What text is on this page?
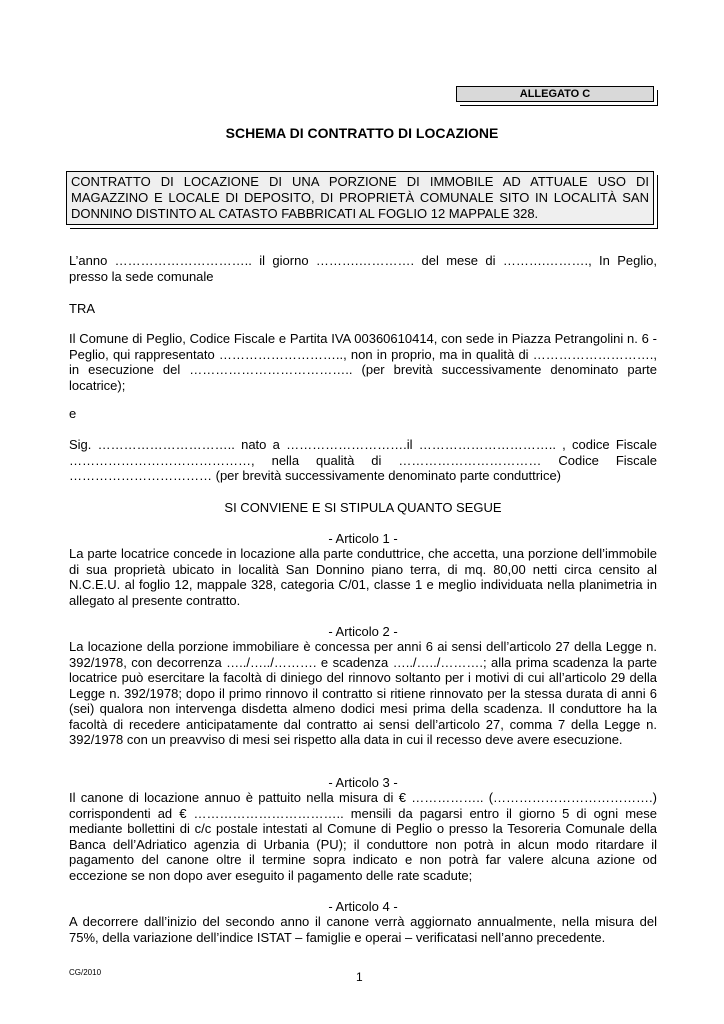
ALLEGATO C
SCHEMA DI CONTRATTO DI LOCAZIONE
CONTRATTO DI LOCAZIONE DI UNA PORZIONE DI IMMOBILE AD ATTUALE USO DI MAGAZZINO E LOCALE DI DEPOSITO, DI PROPRIETÀ COMUNALE SITO IN LOCALITÀ SAN DONNINO DISTINTO AL CATASTO FABBRICATI AL FOGLIO 12 MAPPALE 328.
L’anno ………………………….. il giorno ……….…………. del mese di ……….………., In Peglio, presso la sede comunale
TRA
Il Comune di Peglio, Codice Fiscale e Partita IVA 00360610414, con sede in Piazza Petrangolini n. 6 - Peglio, qui rappresentato ……………………….., non in proprio, ma in qualità di ………………………., in esecuzione del ……………………………….. (per brevità successivamente denominato parte locatrice);
e
Sig. ………………………….. nato a ……………………….il ………………………….. , codice Fiscale ……………………………………, nella qualità di …………………………… Codice Fiscale …………………………… (per brevità successivamente denominato parte conduttrice)
SI CONVIENE E SI STIPULA QUANTO SEGUE
- Articolo 1 -
La parte locatrice concede in locazione alla parte conduttrice, che accetta, una porzione dell’immobile di sua proprietà ubicato in località San Donnino piano terra, di mq. 80,00 netti circa censito al N.C.E.U. al foglio 12, mappale 328, categoria C/01, classe 1 e meglio individuata nella planimetria in allegato al presente contratto.
- Articolo 2 -
La locazione della porzione immobiliare è concessa per anni 6 ai sensi dell’articolo 27 della Legge n. 392/1978, con decorrenza …../…../………. e scadenza …../…../……….; alla prima scadenza la parte locatrice può esercitare la facoltà di diniego del rinnovo soltanto per i motivi di cui all’articolo 29 della Legge n. 392/1978; dopo il primo rinnovo il contratto si ritiene rinnovato per la stessa durata di anni 6 (sei) qualora non intervenga disdetta almeno dodici mesi prima della scadenza. Il conduttore ha la facoltà di recedere anticipatamente dal contratto ai sensi dell’articolo 27, comma 7 della Legge n. 392/1978 con un preavviso di mesi sei rispetto alla data in cui il recesso deve avere esecuzione.
- Articolo 3 -
Il canone di locazione annuo è pattuito nella misura di € …………….. (……………………………….) corrispondenti ad € …………………………….. mensili da pagarsi entro il giorno 5 di ogni mese mediante bollettini di c/c postale intestati al Comune di Peglio o presso la Tesoreria Comunale della Banca dell’Adriatico agenzia di Urbania (PU); il conduttore non potrà in alcun modo ritardare il pagamento del canone oltre il termine sopra indicato e non potrà far valere alcuna azione od eccezione se non dopo aver eseguito il pagamento delle rate scadute;
- Articolo 4 -
A decorrere dall’inizio del secondo anno il canone verrà aggiornato annualmente, nella misura del 75%, della variazione dell’indice ISTAT – famiglie e operai – verificatasi nell’anno precedente.
CG/2010	1
